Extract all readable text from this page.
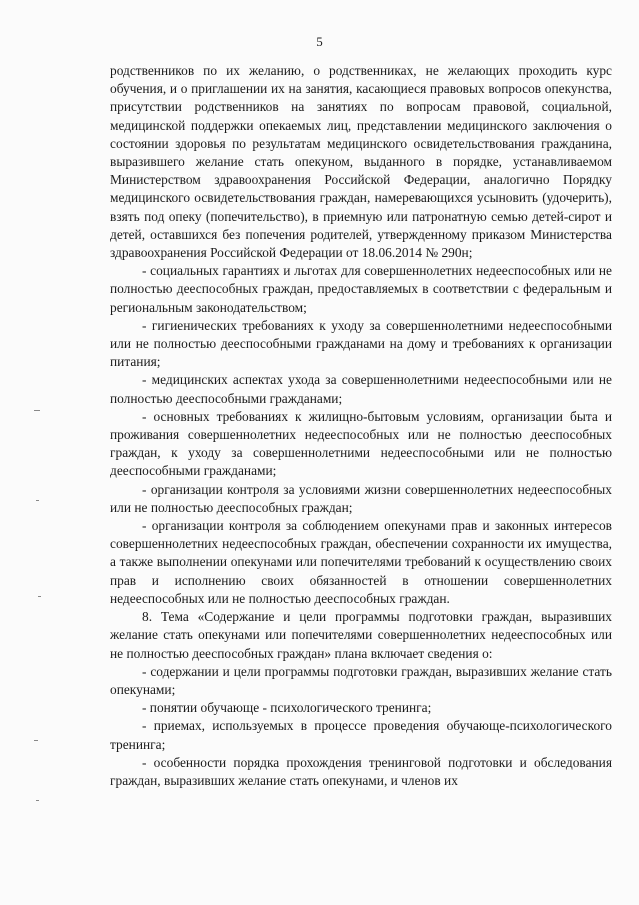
5

родственников по их желанию, о родственниках, не желающих проходить курс обучения, и о приглашении их на занятия, касающиеся правовых вопросов опекунства, присутствии родственников на занятиях по вопросам правовой, социальной, медицинской поддержки опекаемых лиц, представлении медицинского заключения о состоянии здоровья по результатам медицинского освидетельствования гражданина, выразившего желание стать опекуном, выданного в порядке, устанавливаемом Министерством здравоохранения Российской Федерации, аналогично Порядку медицинского освидетельствования граждан, намеревающихся усыновить (удочерить), взять под опеку (попечительство), в приемную или патронатную семью детей-сирот и детей, оставшихся без попечения родителей, утвержденному приказом Министерства здравоохранения Российской Федерации от 18.06.2014 № 290н;

- социальных гарантиях и льготах для совершеннолетних недееспособных или не полностью дееспособных граждан, предоставляемых в соответствии с федеральным и региональным законодательством;

- гигиенических требованиях к уходу за совершеннолетними недееспособными или не полностью дееспособными гражданами на дому и требованиях к организации питания;

- медицинских аспектах ухода за совершеннолетними недееспособными или не полностью дееспособными гражданами;

- основных требованиях к жилищно-бытовым условиям, организации быта и проживания совершеннолетних недееспособных или не полностью дееспособных граждан, к уходу за совершеннолетними недееспособными или не полностью дееспособными гражданами;

- организации контроля за условиями жизни совершеннолетних недееспособных или не полностью дееспособных граждан;

- организации контроля за соблюдением опекунами прав и законных интересов совершеннолетних недееспособных граждан, обеспечении сохранности их имущества, а также выполнении опекунами или попечителями требований к осуществлению своих прав и исполнению своих обязанностей в отношении совершеннолетних недееспособных или не полностью дееспособных граждан.

8. Тема «Содержание и цели программы подготовки граждан, выразивших желание стать опекунами или попечителями совершеннолетних недееспособных или не полностью дееспособных граждан» плана включает сведения о:

- содержании и цели программы подготовки граждан, выразивших желание стать опекунами;

- понятии обучающе - психологического тренинга;

- приемах, используемых в процессе проведения обучающе-психологического тренинга;

- особенности порядка прохождения тренинговой подготовки и обследования граждан, выразивших желание стать опекунами, и членов их
